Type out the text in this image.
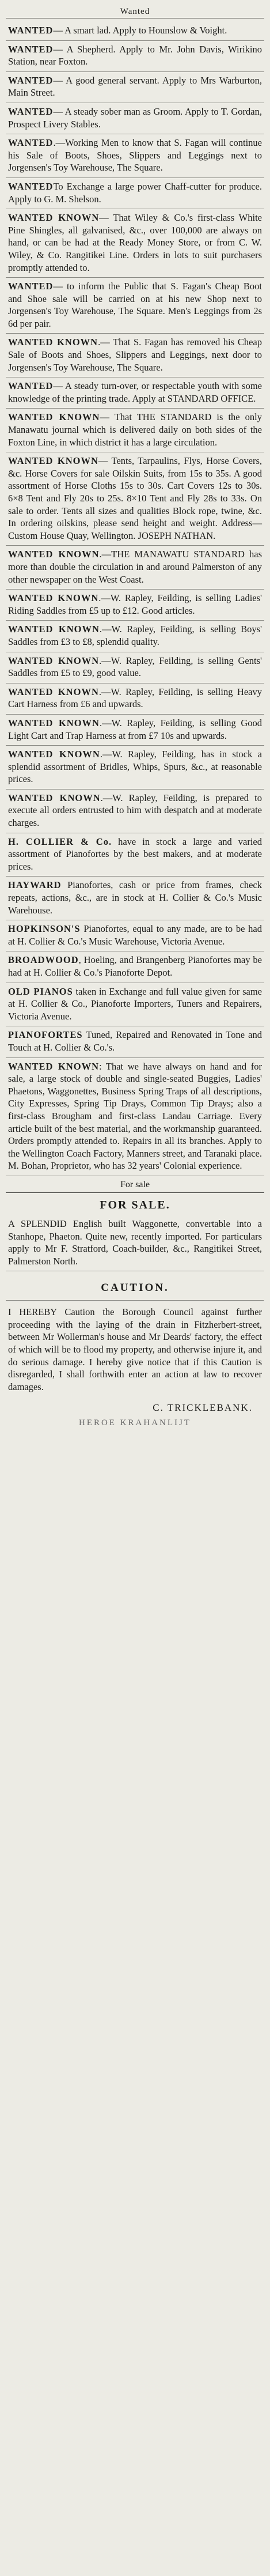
Wanted
WANTED— A smart lad. Apply to Hounslow & Voight.
WANTED— A Shepherd. Apply to Mr. John Davis, Wirikino Station, near Foxton.
WANTED— A good general servant. Apply to Mrs Warburton, Main Street.
WANTED— A steady sober man as Groom. Apply to T. Gordan, Prospect Livery Stables.
WANTED.—Working Men to know that S. Fagan will continue his Sale of Boots, Shoes, Slippers and Leggings next to Jorgensen's Toy Warehouse, The Square.
WANTEDTo Exchange a large power Chaff-cutter for produce. Apply to G. M. Shelson.
WANTED KNOWN— That Wiley & Co.'s first-class White Pine Shingles, all galvanised, &c., over 100,000 are always on hand, or can be had at the Ready Money Store, or from C. W. Wiley, & Co. Rangitikei Line. Orders in lots to suit purchasers promptly attended to.
WANTED— to inform the Public that S. Fagan's Cheap Boot and Shoe sale will be carried on at his new Shop next to Jorgensen's Toy Warehouse, The Square. Men's Leggings from 2s 6d per pair.
WANTED KNOWN.— That S. Fagan has removed his Cheap Sale of Boots and Shoes, Slippers and Leggings, next door to Jorgensen's Toy Warehouse, The Square.
WANTED— A steady turn-over, or respectable youth with some knowledge of the printing trade. Apply at STANDARD OFFICE.
WANTED KNOWN— That THE STANDARD is the only Manawatu journal which is delivered daily on both sides of the Foxton Line, in which district it has a large circulation.
WANTED KNOWN— Tents, Tarpaulins, Flys, Horse Covers, &c. Horse Covers for sale Oilskin Suits, from 15s to 35s. A good assortment of Horse Cloths 15s to 30s. Cart Covers 12s to 30s. 6×8 Tent and Fly 20s to 25s. 8×10 Tent and Fly 28s to 33s. On sale to order. Tents all sizes and qualities Block rope, twine, &c. In ordering oilskins, please send height and weight. Address—Custom House Quay, Wellington. JOSEPH NATHAN.
WANTED KNOWN.—THE MANAWATU STANDARD has more than double the circulation in and around Palmerston of any other newspaper on the West Coast.
WANTED KNOWN.—W. Rapley, Feilding, is selling Ladies' Riding Saddles from £5 up to £12. Good articles.
WANTED KNOWN.—W. Rapley, Feilding, is selling Boys' Saddles from £3 to £8, splendid quality.
WANTED KNOWN.—W. Rapley, Feilding, is selling Gents' Saddles from £5 to £9, good value.
WANTED KNOWN.—W. Rapley, Feilding, is selling Heavy Cart Harness from £6 and upwards.
WANTED KNOWN.—W. Rapley, Feilding, is selling Good Light Cart and Trap Harness at from £7 10s and upwards.
WANTED KNOWN.—W. Rapley, Feilding, has in stock a splendid assortment of Bridles, Whips, Spurs, &c., at reasonable prices.
WANTED KNOWN.—W. Rapley, Feilding, is prepared to execute all orders entrusted to him with despatch and at moderate charges.
H. COLLIER & Co. have in stock a large and varied assortment of Pianofortes by the best makers, and at moderate prices.
HAYWARD Pianofortes, cash or price from frames, check repeats, actions, &c., are in stock at H. Collier & Co.'s Music Warehouse.
HOPKINSON'S Pianofortes, equal to any made, are to be had at H. Collier & Co.'s Music Warehouse, Victoria Avenue.
BROADWOOD, Hoeling, and Brangenberg Pianofortes may be had at H. Collier & Co.'s Pianoforte Depot.
OLD PIANOS taken in Exchange and full value given for same at H. Collier & Co., Pianoforte Importers, Tuners and Repairers, Victoria Avenue.
PIANOFORTES Tuned, Repaired and Renovated in Tone and Touch at H. Collier & Co.'s.
WANTED KNOWN: That we have always on hand and for sale, a large stock of double and single-seated Buggies, Ladies' Phaetons, Waggonettes, Business Spring Traps of all descriptions, City Expresses, Spring Tip Drays, Common Tip Drays; also a first-class Brougham and first-class Landau Carriage. Every article built of the best material, and the workmanship guaranteed. Orders promptly attended to. Repairs in all its branches. Apply to the Wellington Coach Factory, Manners street, and Taranaki place. M. Bohan, Proprietor, who has 32 years' Colonial experience.
For sale
FOR SALE.
A SPLENDID English built Waggonette, convertable into a Stanhope, Phaeton. Quite new, recently imported. For particulars apply to Mr F. Stratford, Coach-builder, &c., Rangitikei Street, Palmerston North.
CAUTION.
I HEREBY Caution the Borough Council against further proceeding with the laying of the drain in Fitzherbert-street, between Mr Wollerman's house and Mr Deards' factory, the effect of which will be to flood my property, and otherwise injure it, and do serious damage. I hereby give notice that if this Caution is disregarded, I shall forthwith enter an action at law to recover damages.
C. TRICKLEBANK.
HEROE KRAHANLIJT
